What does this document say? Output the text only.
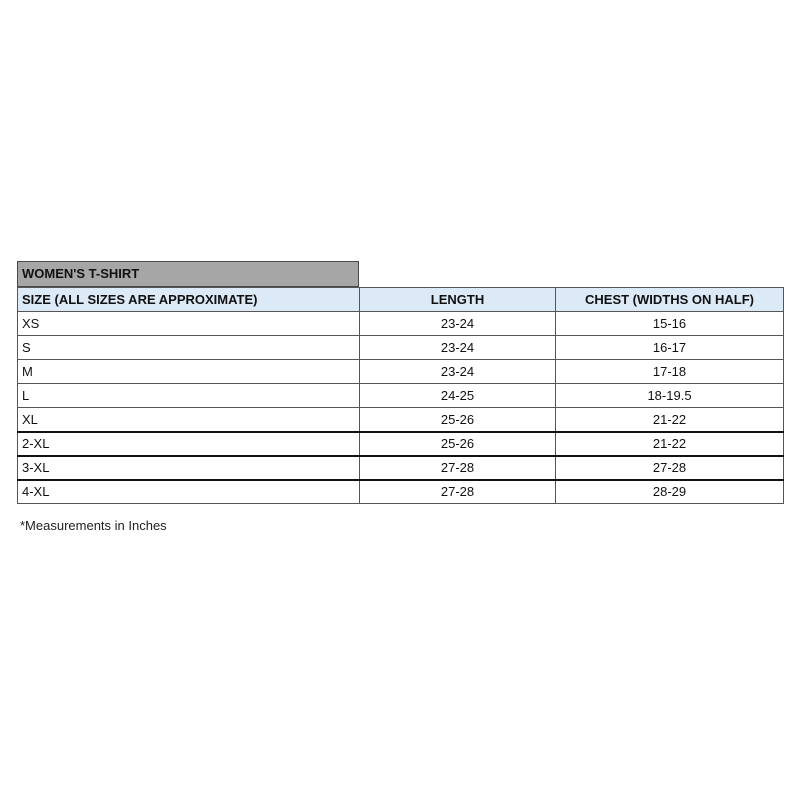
WOMEN'S T-SHIRT
SIZE (ALL SIZES ARE APPROXIMATE)	LENGTH	CHEST (WIDTHS ON HALF)
XS	23-24	15-16
S	23-24	16-17
M	23-24	17-18
L	24-25	18-19.5
XL	25-26	21-22
2-XL	25-26	21-22
3-XL	27-28	27-28
4-XL	27-28	28-29
*Measurements in Inches
